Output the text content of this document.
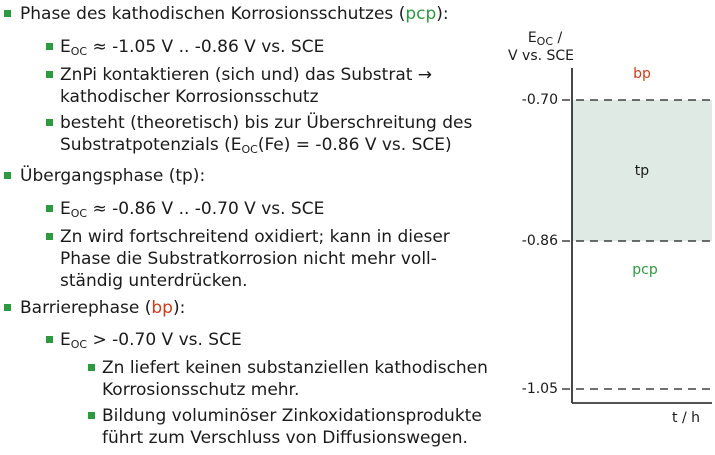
Phase des kathodischen Korrosionsschutzes (pcp):
$E_{OC} \approx -1.05$ V .. -0.86 V vs. SCE
ZnPi kontaktieren (sich und) das Substrat →
kathodischer Korrosionsschutz
besteht (theoretisch) bis zur Überschreitung des
Substratpotenzials ($E_{OC}(Fe) = -0.86$ V vs. SCE)
Übergangsphase (tp):
$E_{OC} \approx -0.86$ V .. -0.70 V vs. SCE
Zn wird fortschreitend oxidiert; kann in dieser
Phase die Substratkorrosion nicht mehr voll-
ständig unterdrücken.
Barrierephase (bp):
$E_{OC} > -0.70$ V vs. SCE
Zn liefert keinen substanziellen kathodischen
Korrosionsschutz mehr.
Bildung voluminöser Zinkoxidationsprodukte
führt zum Verschluss von Diffusionswegen.
$E_{OC}$ /
V vs. SCE
-0.70
-0.86
-1.05
bp
tp
pcp
t / h
